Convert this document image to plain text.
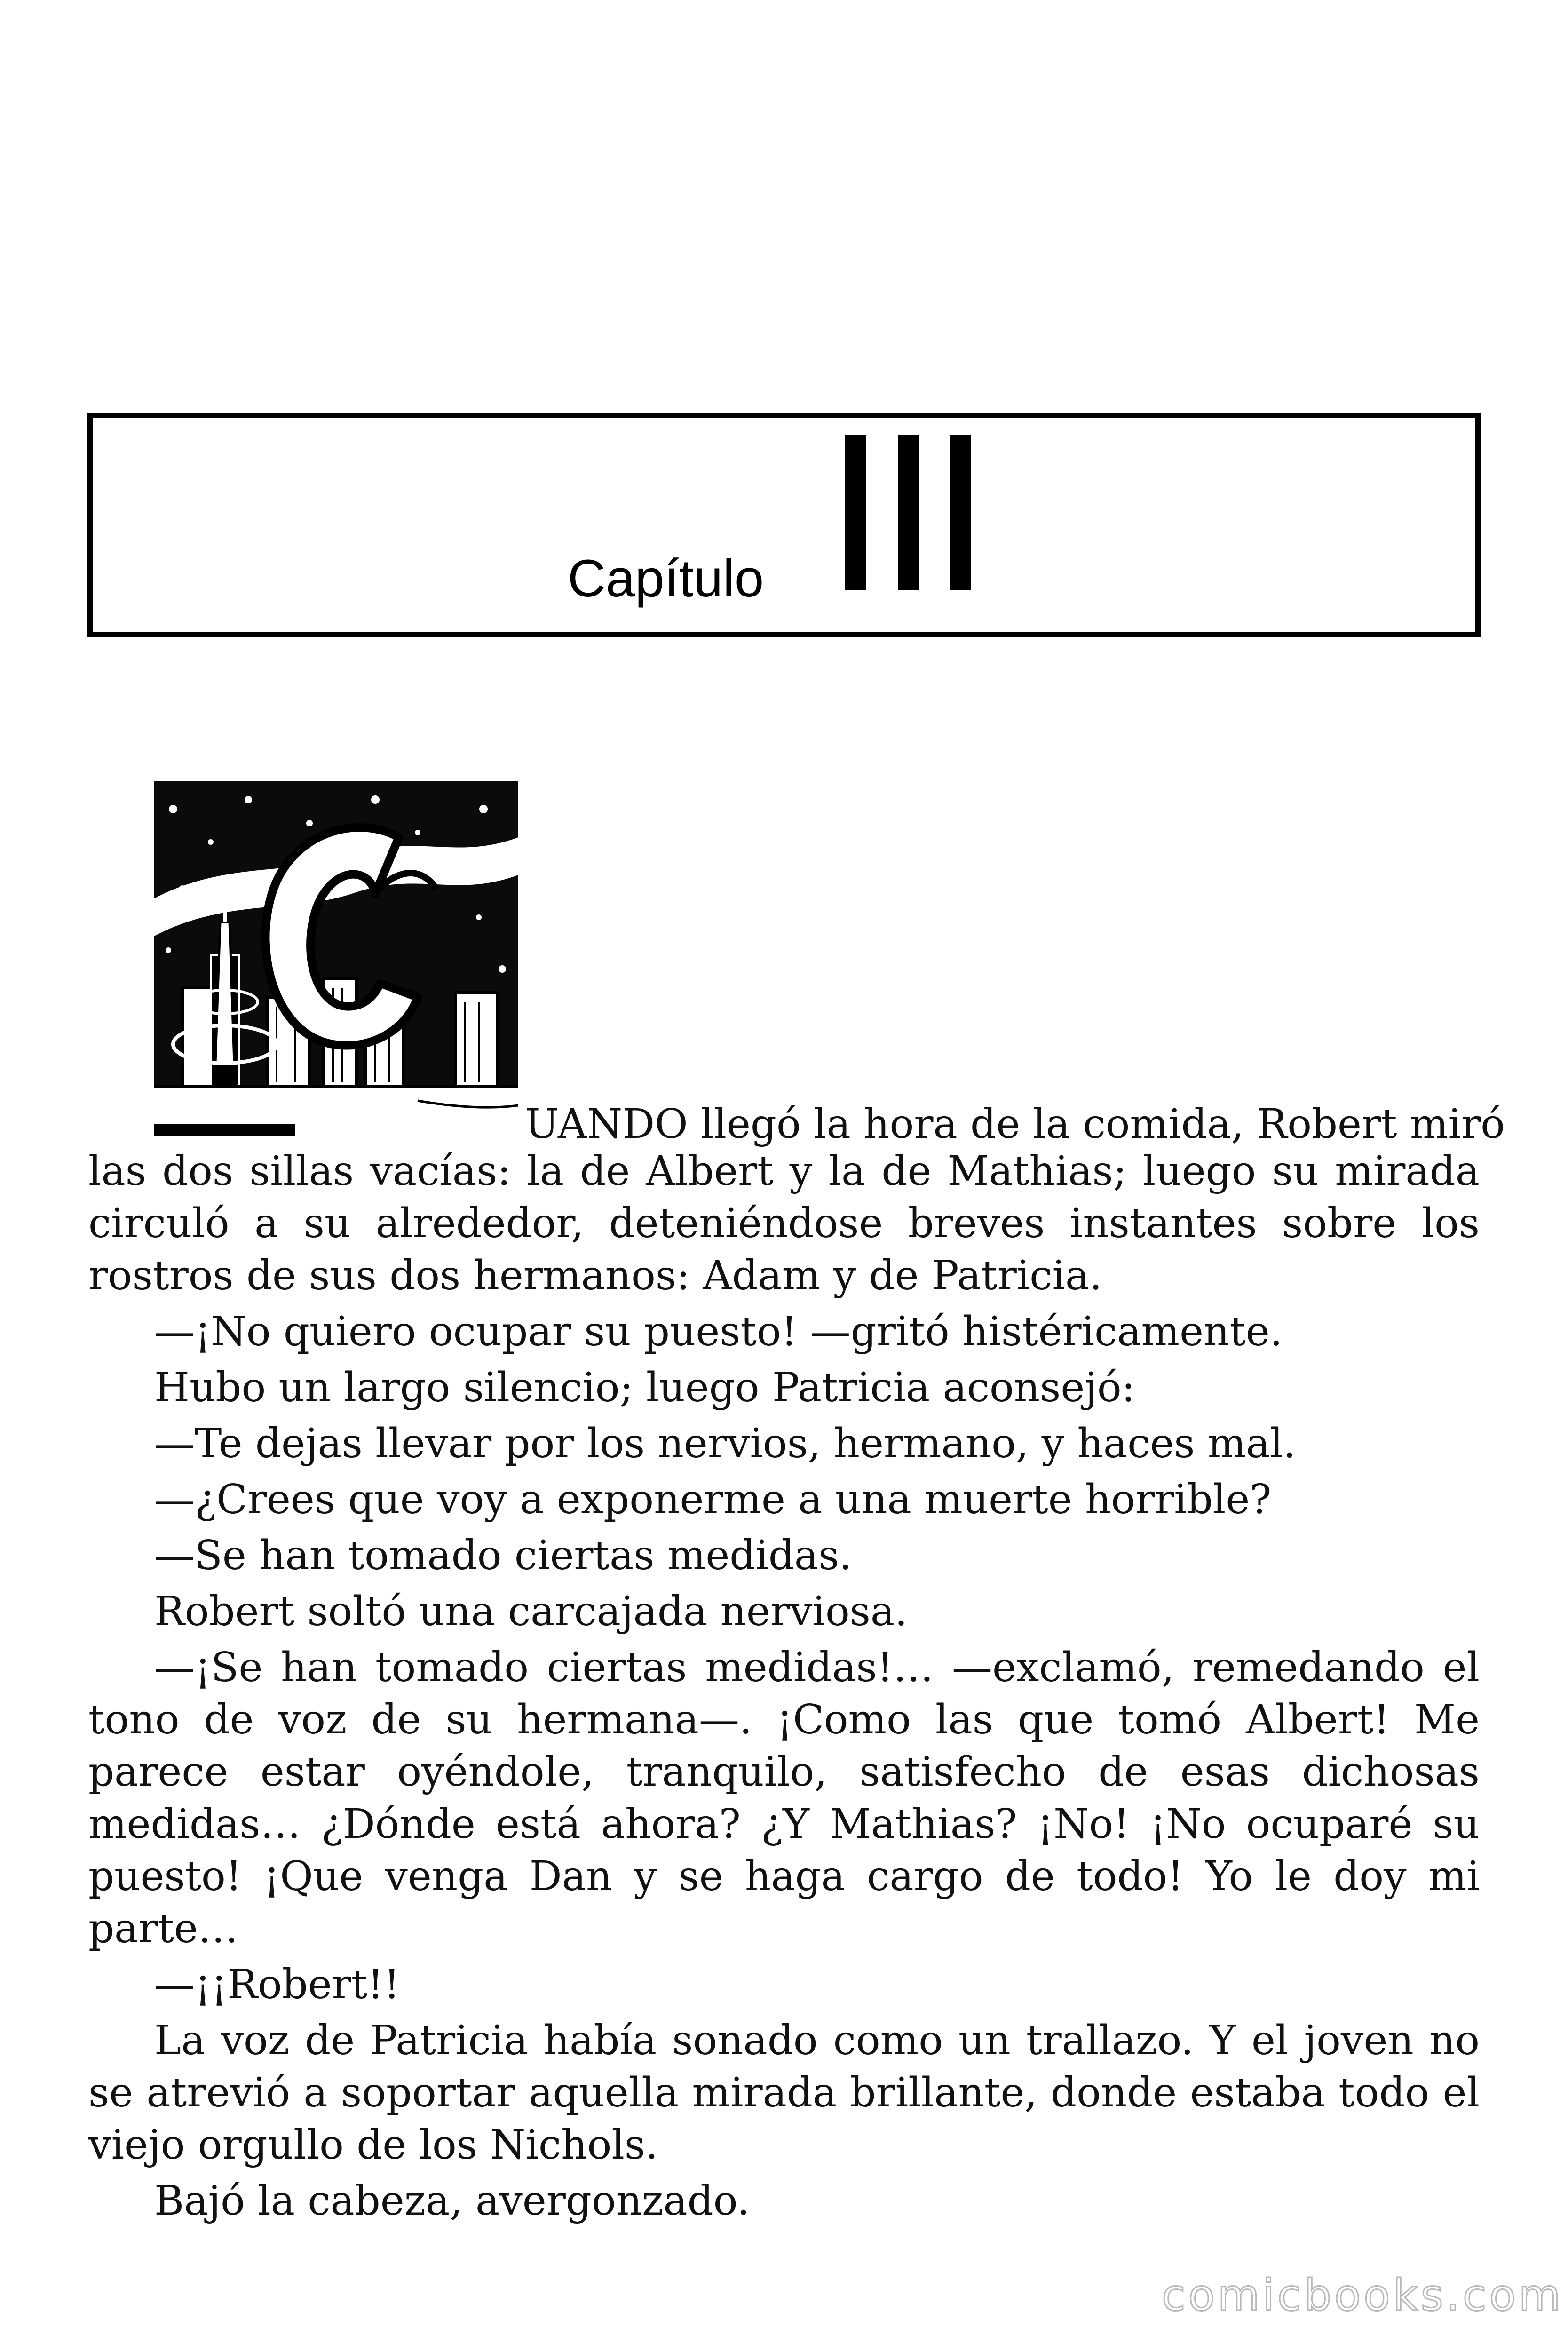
Capítulo

UANDO llegó la hora de la comida, Robert miró

las dos sillas vacías: la de Albert y la de Mathias; luego su mirada circuló a su alrededor, deteniéndose breves instantes sobre los rostros de sus dos hermanos: Adam y de Patricia.

—¡No quiero ocupar su puesto! —gritó histéricamente.

Hubo un largo silencio; luego Patricia aconsejó:

—Te dejas llevar por los nervios, hermano, y haces mal.

—¿Crees que voy a exponerme a una muerte horrible?

—Se han tomado ciertas medidas.

Robert soltó una carcajada nerviosa.

—¡Se han tomado ciertas medidas!… —exclamó, remedando el tono de voz de su hermana—. ¡Como las que tomó Albert! Me parece estar oyéndole, tranquilo, satisfecho de esas dichosas medidas… ¿Dónde está ahora? ¿Y Mathias? ¡No! ¡No ocuparé su puesto! ¡Que venga Dan y se haga cargo de todo! Yo le doy mi parte…

—¡¡Robert!!

La voz de Patricia había sonado como un trallazo. Y el joven no se atrevió a soportar aquella mirada brillante, donde estaba todo el viejo orgullo de los Nichols.

Bajó la cabeza, avergonzado.

comicbooks.com
